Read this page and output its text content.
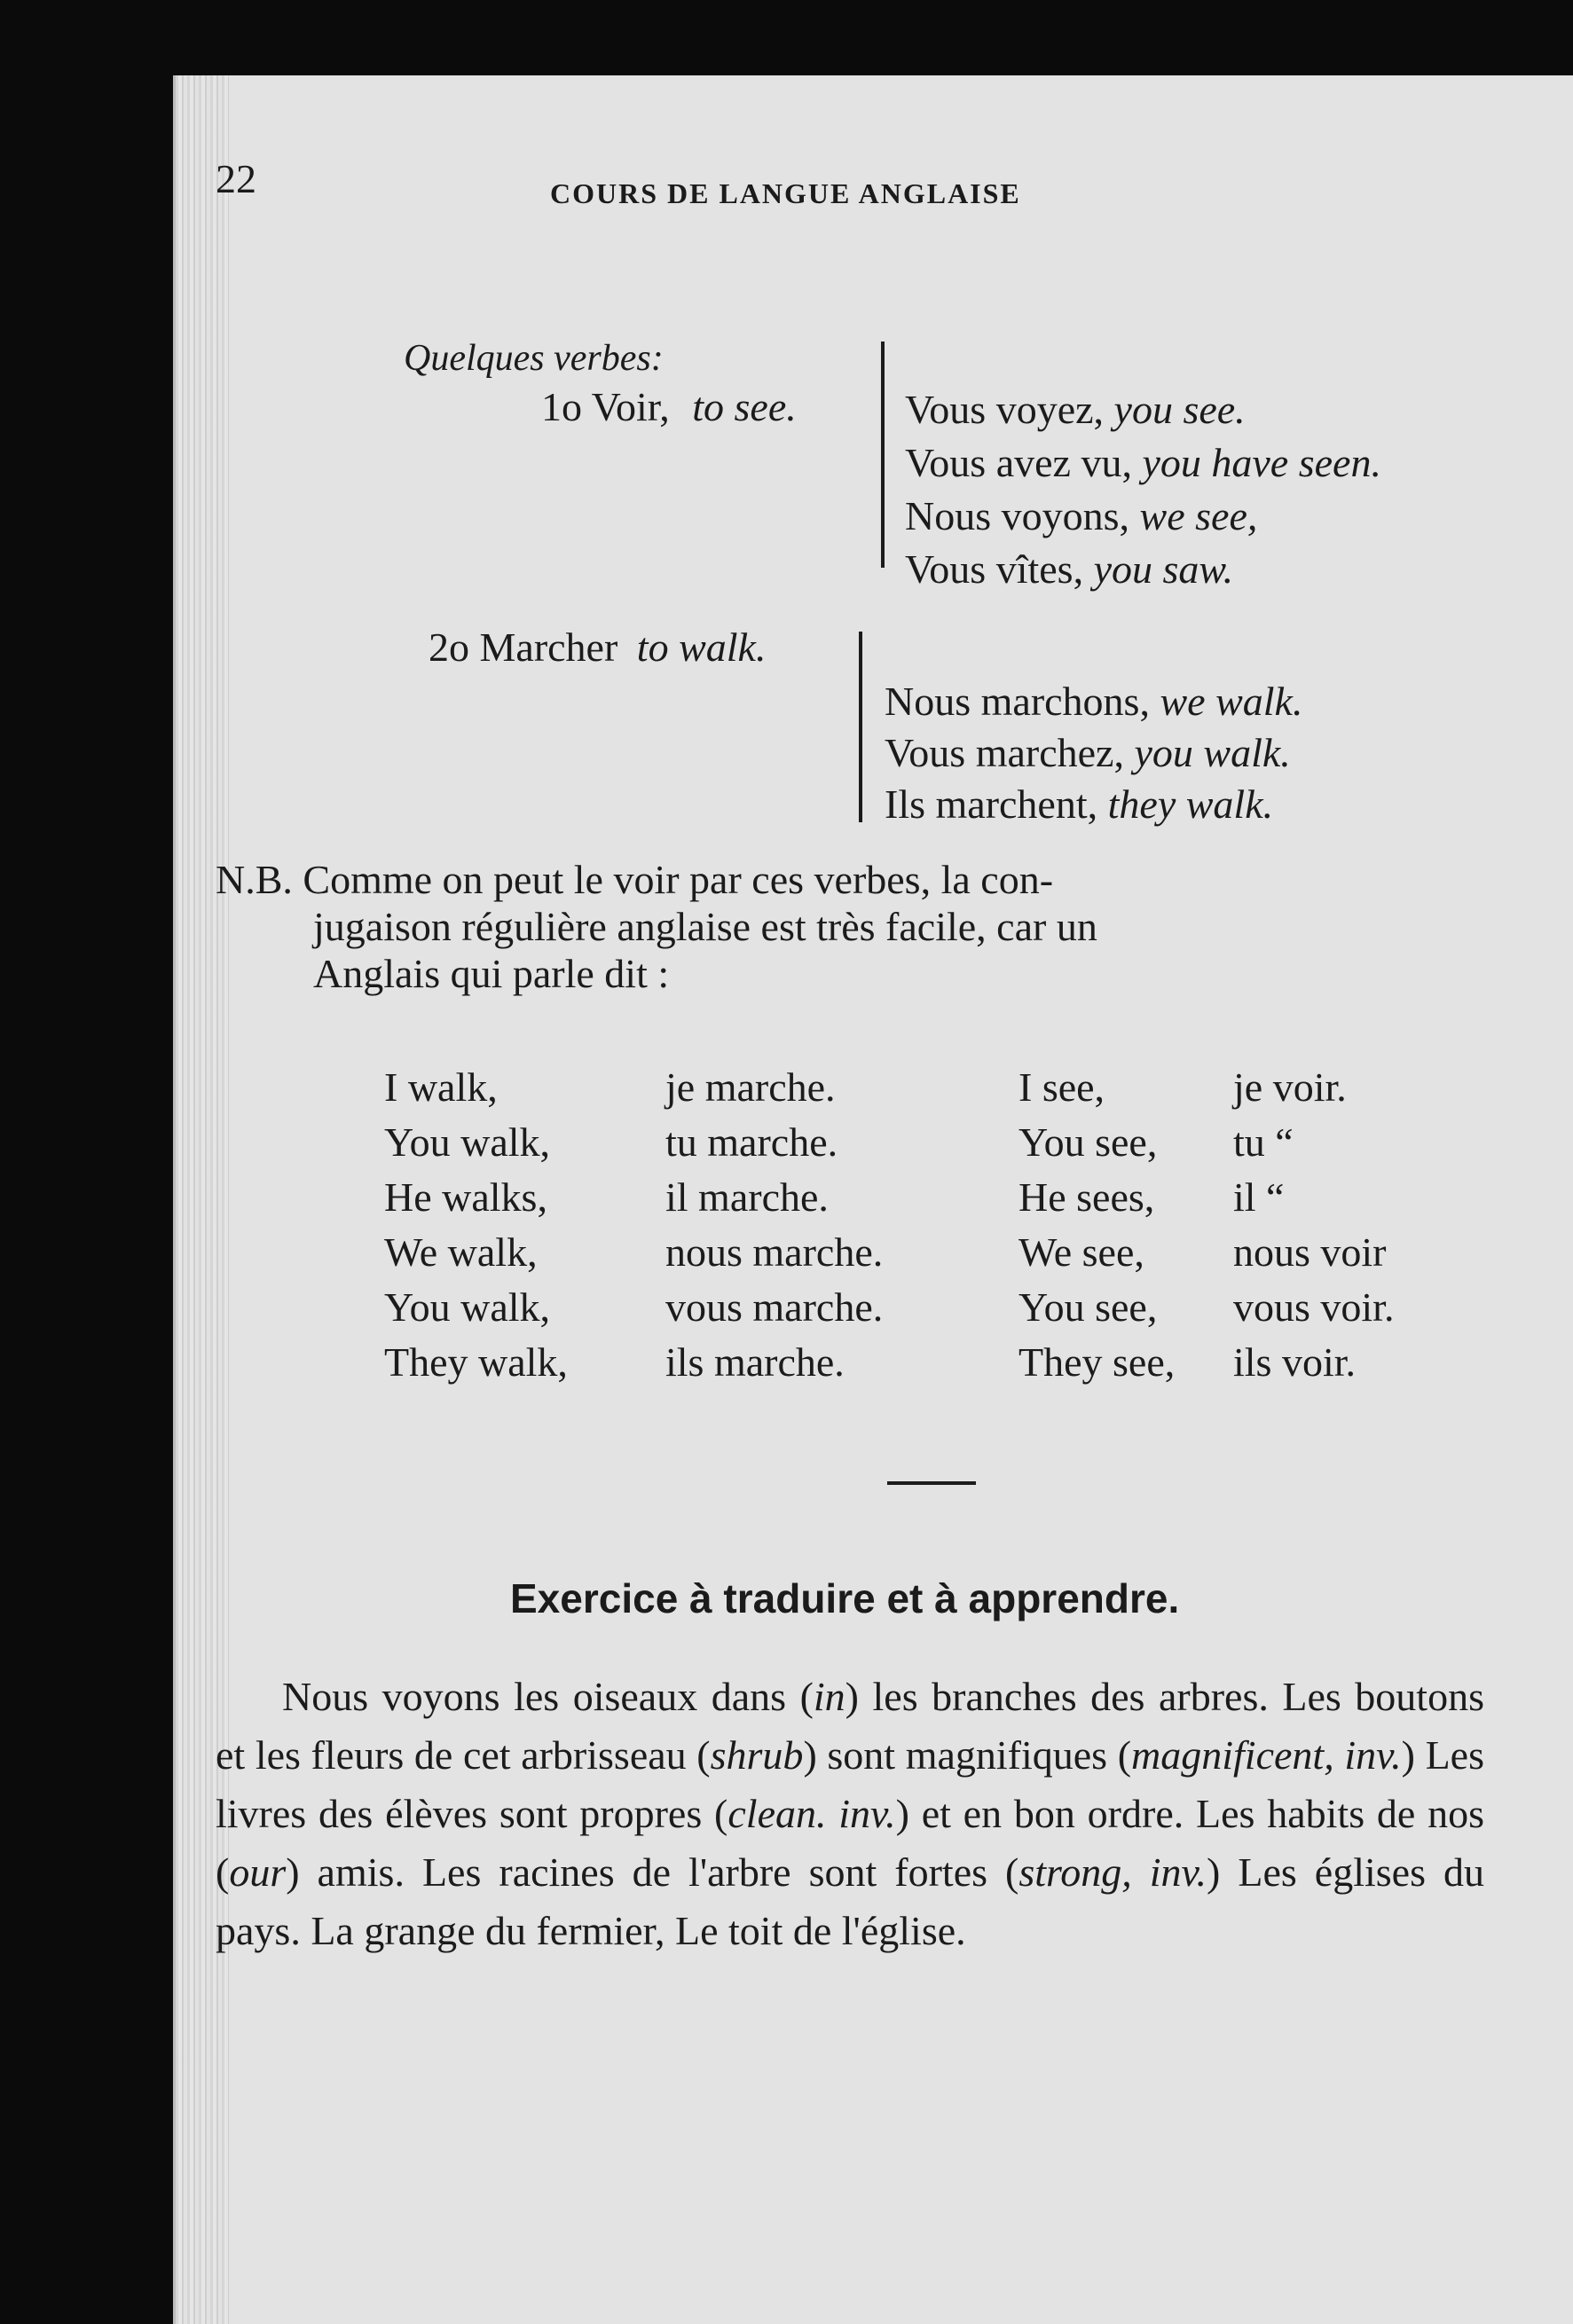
22	COURS DE LANGUE ANGLAISE
Quelques verbes:
1o Voir, to see.	Vous voyez, you see.
Vous avez vu, you have seen.
Nous voyons, we see,
Vous vîtes, you saw.
2o Marcher to walk.
Nous marchons, we walk.
Vous marchez, you walk.
Ils marchent, they walk.
N.B. Comme on peut le voir par ces verbes, la con-
jugaison régulière anglaise est très facile, car un
Anglais qui parle dit :
I walk,
You walk,
He walks,
We walk,
You walk,
They walk,
je marche.
tu marche.
il marche.
nous marche.
vous marche.
ils marche.
I see,
You see,
He sees,
We see,
You see,
They see,
je voir.
tu “
il “
nous voir
vous voir.
ils voir.
Exercice à traduire et à apprendre.
Nous voyons les oiseaux dans (in) les branches des arbres. Les boutons et les fleurs de cet arbrisseau (shrub) sont magnifiques (magnificent, inv.) Les livres des élèves sont propres (clean. inv.) et en bon ordre. Les habits de nos (our) amis. Les racines de l'arbre sont fortes (strong, inv.) Les églises du pays. La grange du fermier, Le toit de l'église.
